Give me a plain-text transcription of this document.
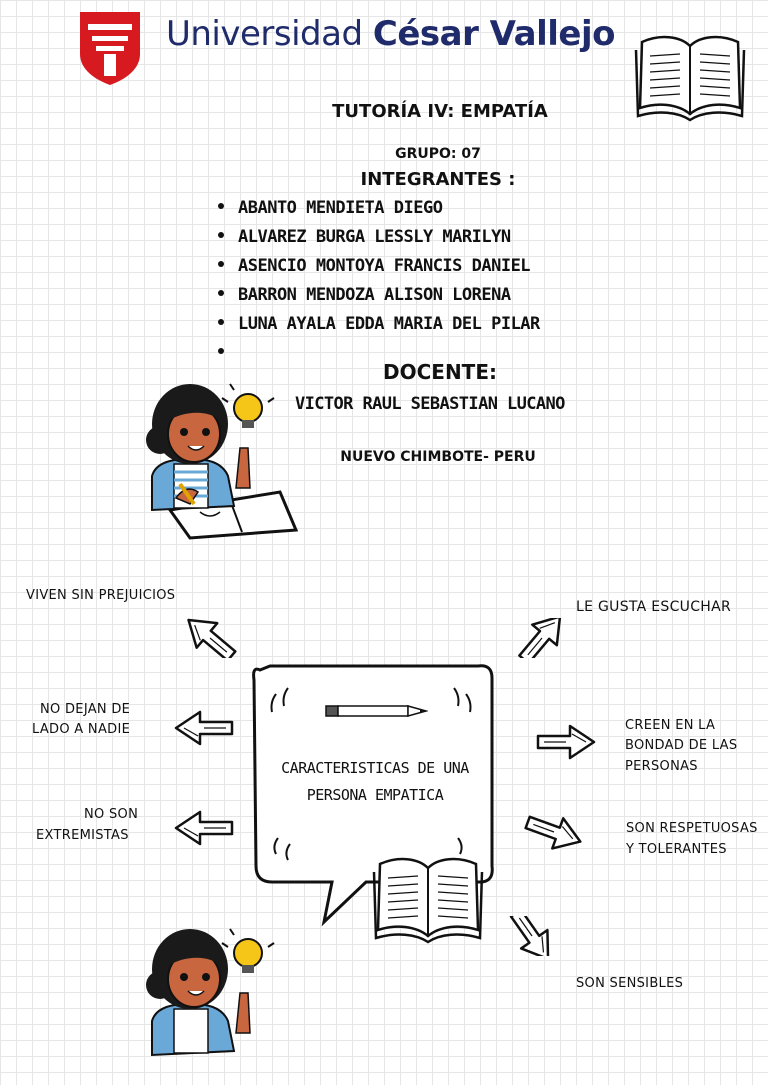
Universidad César Vallejo
TUTORÍA IV: EMPATÍA
GRUPO: 07
INTEGRANTES :
ABANTO MENDIETA DIEGO
ALVAREZ BURGA LESSLY MARILYN
ASENCIO MONTOYA FRANCIS DANIEL
BARRON MENDOZA ALISON LORENA
LUNA AYALA EDDA MARIA DEL PILAR
DOCENTE:
VICTOR RAUL SEBASTIAN LUCANO
NUEVO CHIMBOTE- PERU
CARACTERISTICAS DE UNA
PERSONA EMPATICA
VIVEN SIN PREJUICIOS
NO DEJAN DE
LADO A NADIE
NO SON
EXTREMISTAS
LE GUSTA ESCUCHAR
CREEN EN LA
BONDAD DE LAS
PERSONAS
SON RESPETUOSAS
Y TOLERANTES
SON SENSIBLES
